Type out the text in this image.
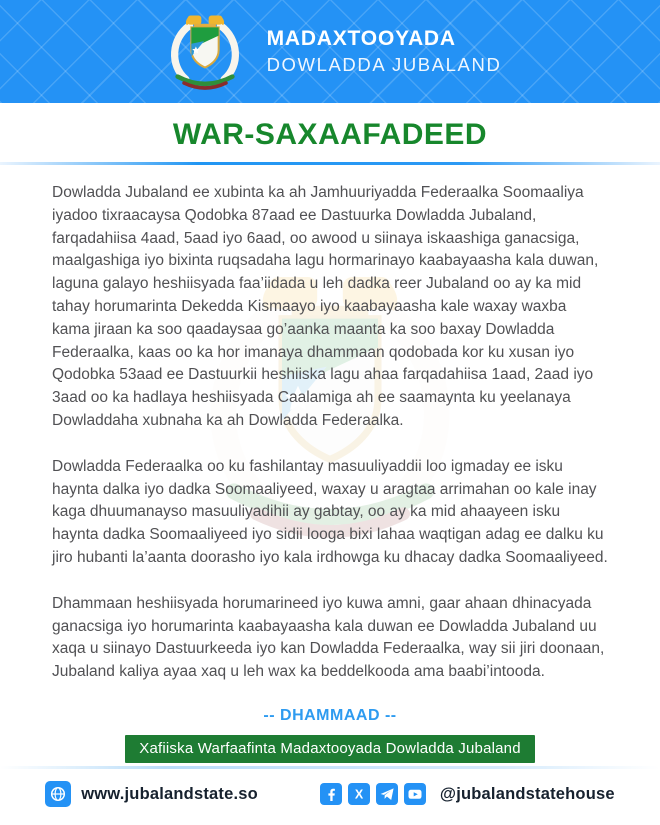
MADAXTOOYADA
DOWLADDA JUBALAND
WAR-SAXAAFADEED

Dowladda Jubaland ee xubinta ka ah Jamhuuriyadda Federaalka Soomaaliya iyadoo tixraacaysa Qodobka 87aad ee Dastuurka Dowladda Jubaland, farqadahiisa 4aad, 5aad iyo 6aad, oo awood u siinaya iskaashiga ganacsiga, maalgashiga iyo bixinta ruqsadaha lagu hormarinayo kaabayaasha kala duwan, laguna galayo heshiisyada faa’iidada u leh dadka reer Jubaland oo ay ka mid tahay horumarinta Dekedda Kismaayo iyo kaabayaasha kale waxay waxba kama jiraan ka soo qaadaysaa go’aanka maanta ka soo baxay Dowladda Federaalka, kaas oo ka hor imanaya dhammaan qodobada kor ku xusan iyo Qodobka 53aad ee Dastuurkii heshiiska lagu ahaa farqadahiisa 1aad, 2aad iyo 3aad oo ka hadlaya heshiisyada Caalamiga ah ee saamaynta ku yeelanaya Dowladdaha xubnaha ka ah Dowladda Federaalka.

Dowladda Federaalka oo ku fashilantay masuuliyaddii loo igmaday ee isku haynta dalka iyo dadka Soomaaliyeed, waxay u aragtaa arrimahan oo kale inay kaga dhuumanayso masuuliyadihii ay gabtay, oo ay ka mid ahaayeen isku haynta dadka Soomaaliyeed iyo sidii looga bixi lahaa waqtigan adag ee dalku ku jiro hubanti la’aanta doorasho iyo kala irdhowga ku dhacay dadka Soomaaliyeed.

Dhammaan heshiisyada horumarineed iyo kuwa amni, gaar ahaan dhinacyada ganacsiga iyo horumarinta kaabayaasha kala duwan ee Dowladda Jubaland uu xaqa u siinayo Dastuurkeeda iyo kan Dowladda Federaalka, way sii jiri doonaan, Jubaland kaliya ayaa xaq u leh wax ka beddelkooda ama baabi’intooda.

-- DHAMMAAD --
Xafiiska Warfaafinta Madaxtooyada Dowladda Jubaland
www.jubalandstate.so	X	@jubalandstatehouse
